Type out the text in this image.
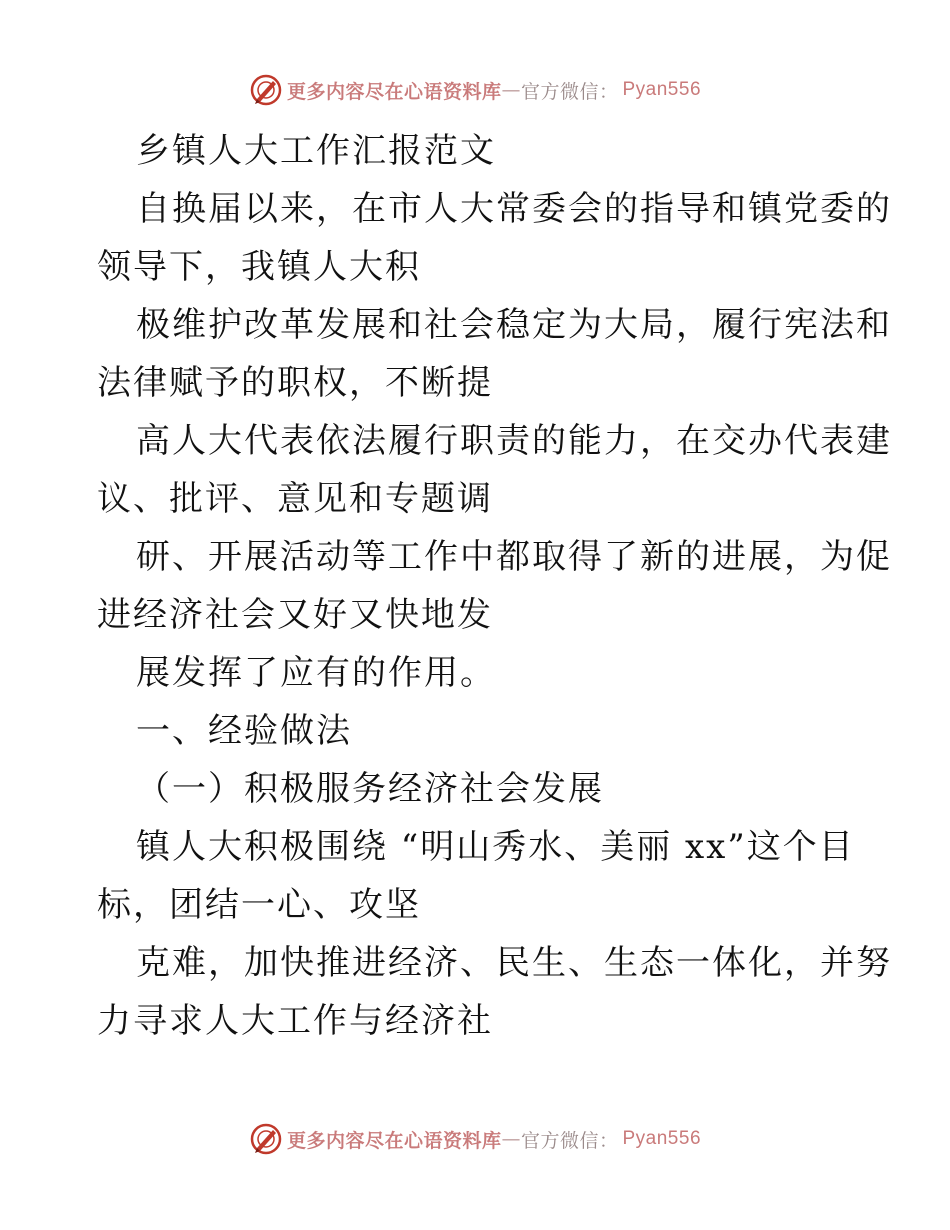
更多内容尽在心语资料库 — 官方微信： Pyan556
乡镇人大工作汇报范文
自换届以来，在市人大常委会的指导和镇党委的
领导下，我镇人大积
极维护改革发展和社会稳定为大局，履行宪法和
法律赋予的职权，不断提
高人大代表依法履行职责的能力，在交办代表建
议、批评、意见和专题调
研、开展活动等工作中都取得了新的进展，为促
进经济社会又好又快地发
展发挥了应有的作用。
一、经验做法
（一）积极服务经济社会发展
镇人大积极围绕 “明山秀水、美丽 xx”这个目
标，团结一心、攻坚
克难，加快推进经济、民生、生态一体化，并努
力寻求人大工作与经济社
更多内容尽在心语资料库 — 官方微信： Pyan556
